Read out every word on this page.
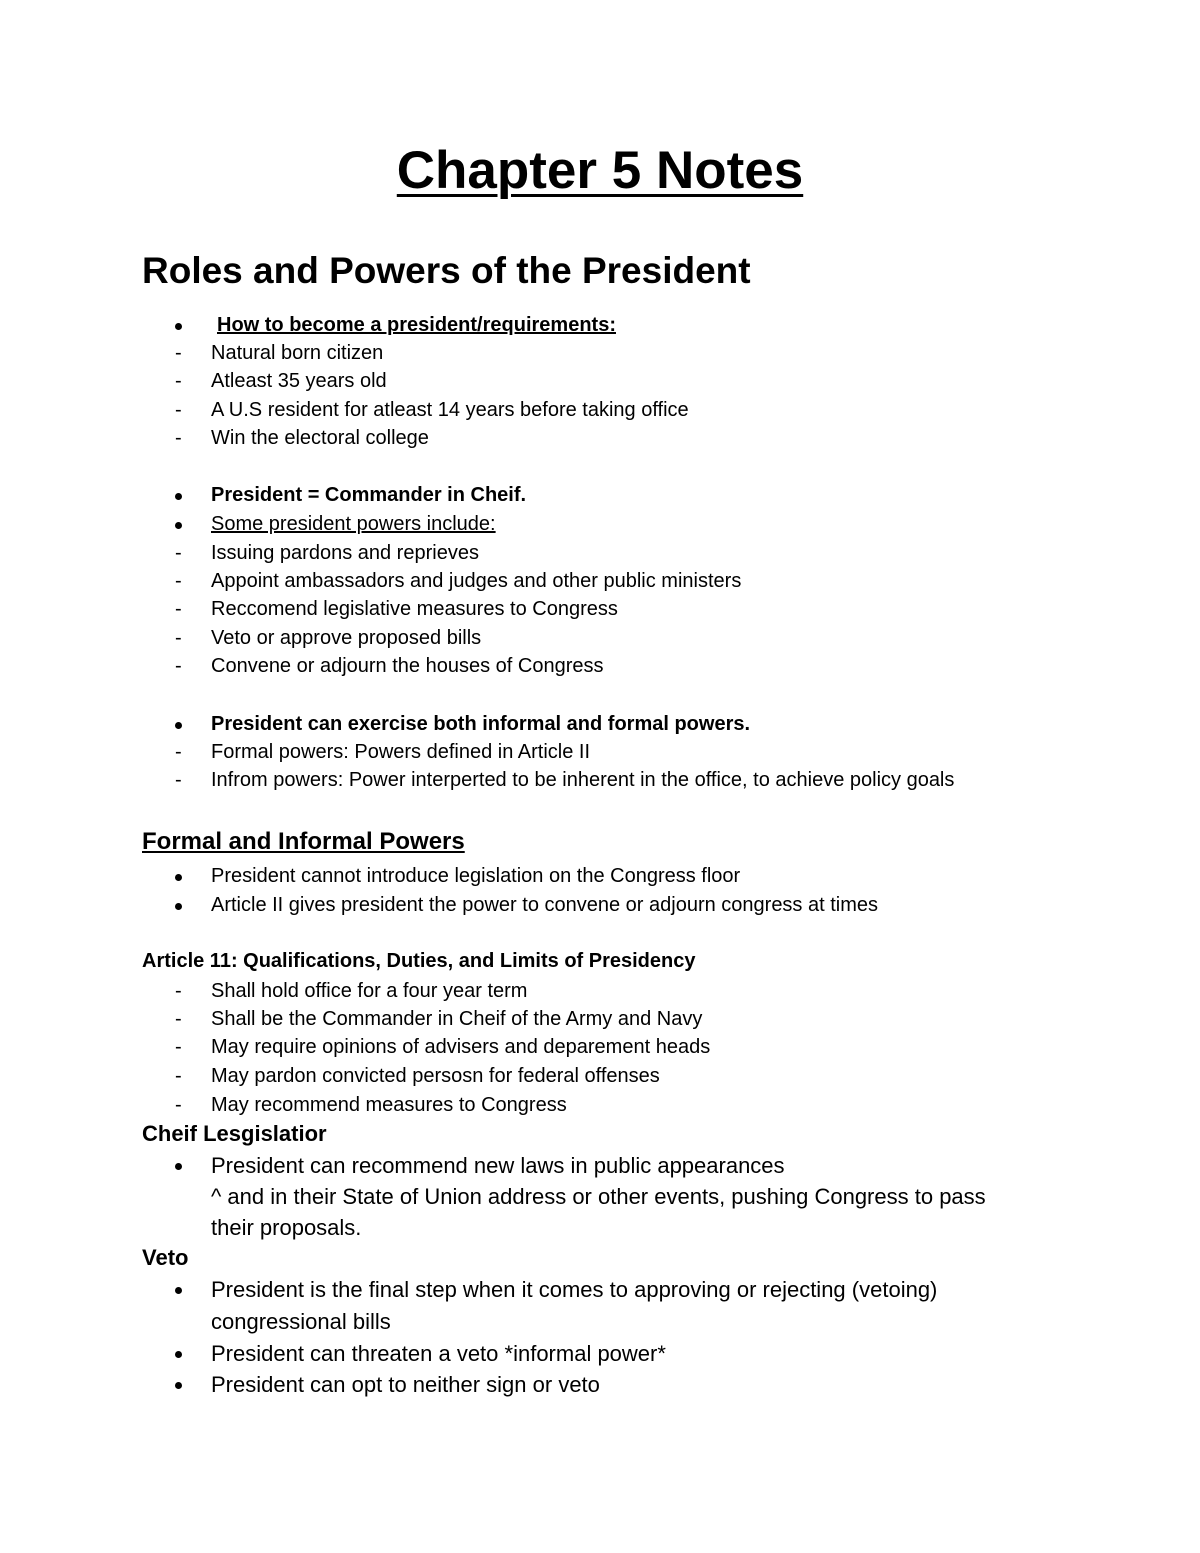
Chapter 5 Notes
Roles and Powers of the President
How to become a president/requirements:
- Natural born citizen
- Atleast 35 years old
- A U.S resident for atleast 14 years before taking office
- Win the electoral college
President = Commander in Cheif.
Some president powers include:
- Issuing pardons and reprieves
- Appoint ambassadors and judges and other public ministers
- Reccomend legislative measures to Congress
- Veto or approve proposed bills
- Convene or adjourn the houses of Congress
President can exercise both informal and formal powers.
- Formal powers: Powers defined in Article II
- Infrom powers: Power interperted to be inherent in the office, to achieve policy goals
Formal and Informal Powers
President cannot introduce legislation on the Congress floor
Article II gives president the power to convene or adjourn congress at times
Article 11: Qualifications, Duties, and Limits of Presidency
- Shall hold office for a four year term
- Shall be the Commander in Cheif of the Army and Navy
- May require opinions of advisers and deparement heads
- May pardon convicted persosn for federal offenses
- May recommend measures to Congress
Cheif Lesgislatior
President can recommend new laws in public appearances
^ and in their State of Union address or other events, pushing Congress to pass
their proposals.
Veto
President is the final step when it comes to approving or rejecting (vetoing)
congressional bills
President can threaten a veto *informal power*
President can opt to neither sign or veto
